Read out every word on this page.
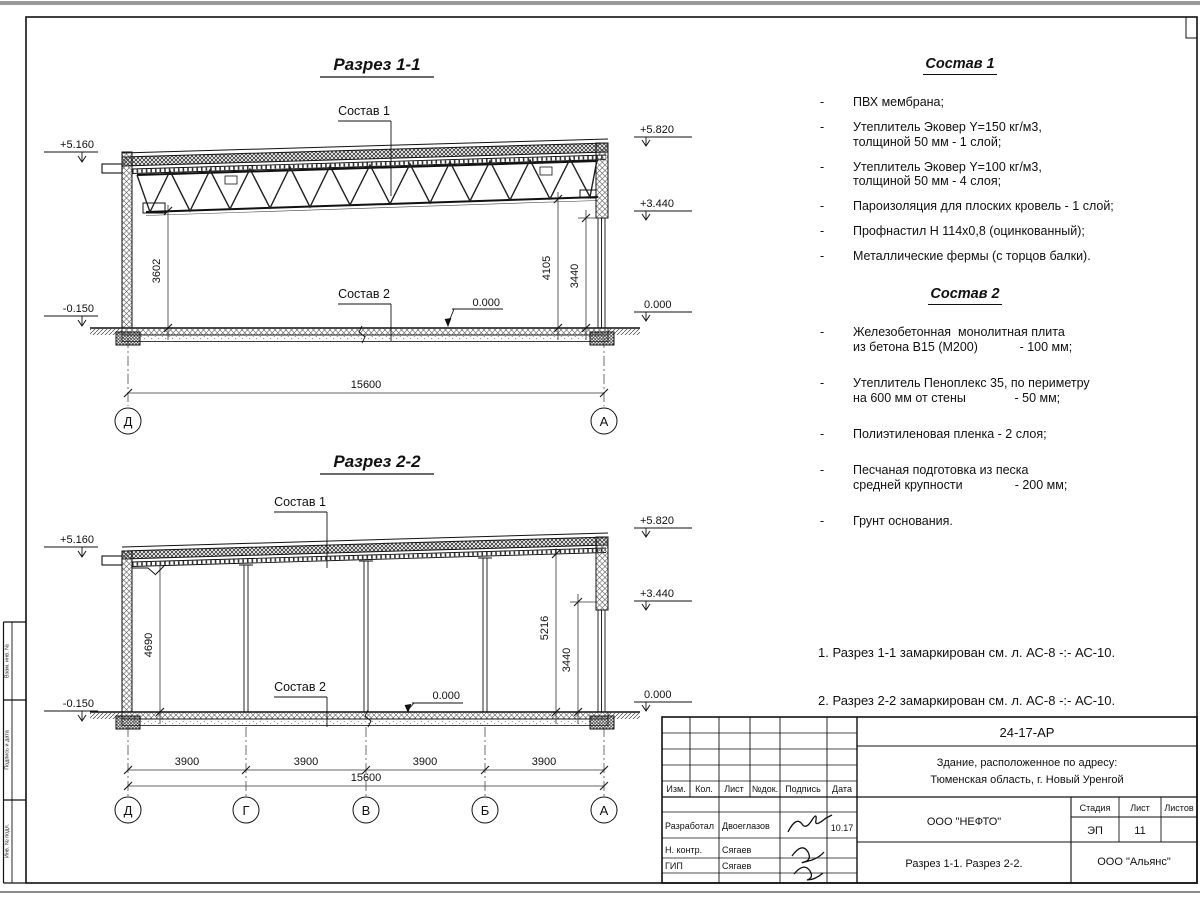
Взам. инв. №
Подпись и дата
Инв. № подл.
Разрез 1-1
Состав 1
Состав 2
0.000
+5.160
-0.150
+5.820
+3.440
0.000
3602	4105 3440
15600
Д	А
Разрез 2-2
Состав 1
Состав 2
0.000
+5.160
-0.150
+5.820
+3.440
0.000
4690
5216
3440
3900	3900	3900	3900
15600
Д	Г	В	Б	А
Изм. Кол. Лист №док. Подпись Дата
Разработал Двоеглазов	10.17
Н. контр. Сягаев
ГИП	Сягаев
24-17-АР
Здание, расположенное по адресу:
Тюменская область, г. Новый Уренгой
ООО "НЕФТО"
Стадия Лист Листов
ЭП	11
Разрез 1-1. Разрез 2-2.	ООО "Альянс"
Состав 1
-	ПВХ мембрана;
-	Утеплитель Эковер Y=150 кг/м3,
толщиной 50 мм - 1 слой;
-	Утеплитель Эковер Y=100 кг/м3,
толщиной 50 мм - 4 слоя;
-	Пароизоляция для плоских кровель - 1 слой;
-	Профнастил Н 114х0,8 (оцинкованный);
-	Металлические фермы (с торцов балки).
Состав 2
-	Железобетонная  монолитная плита
из бетона В15 (М200)            - 100 мм;
-	Утеплитель Пеноплекс 35, по периметру
на 600 мм от стены              - 50 мм;
-	Полиэтиленовая пленка - 2 слоя;
-	Песчаная подготовка из песка
средней крупности               - 200 мм;
-	Грунт основания.

1. Разрез 1-1 замаркирован см. л. АС-8 -:- АС-10.

2. Разрез 2-2 замаркирован см. л. АС-8 -:- АС-10.
